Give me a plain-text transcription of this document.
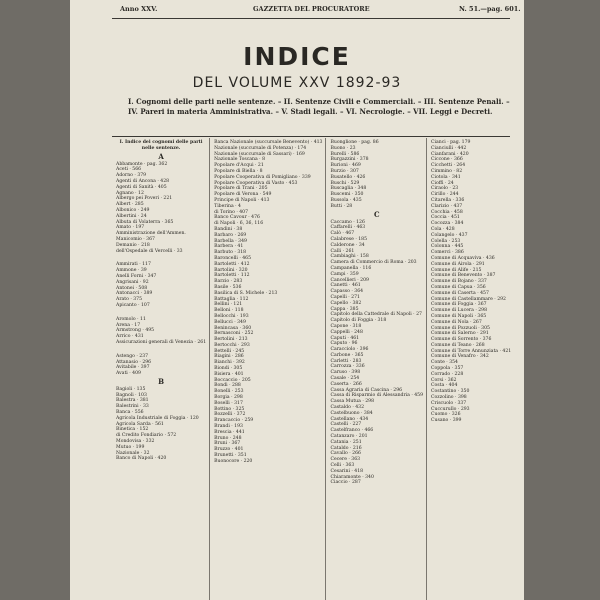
Anno XXV.	GAZZETTA DEL PROCURATORE	N. 51.—pag. 601.
INDICE
DEL VOLUME XXV 1892-93
I. Cognomi delle parti nelle sentenze. – II. Sentenze Civili e Commerciali. – III. Sentenze Penali. –
IV. Pareri in materia Amministrativa. – V. Stadi legali. – VI. Necrologie. – VII. Leggi e Decreti.
I. Indice dei cognomi delle parti nelle sentenze.
A
Abbamonte · pag. 362
Aceti · 566
Adorno · 379
Agenti di Ancona · 428
Agenti di Sanità · 405
Agnano · 12
Albergo pei Poveri · 221
Albert · 285
Albonico · 249
Albertini · 24
Albuta di Volaterra · 365
Amato · 197
Amministrazione dell'Ammen.
Manicomio · 367
Demanio · 218
dell'Ospedale di Vercelli · 33
Ammirati · 117
Ammone · 39
Anelli Forni · 347
Angrisani · 92
Antonei · 508
Antonacci · 389
Arato · 375
Apicanto · 107
Aromolo · 11
Arena · 17
Armstrong · 495
Arrico · 431
Assicurazioni generali di Venezia · 261
Astengo · 237
Attanasio · 296
Avitabile · 397
Avati · 409
B
Bagioli · 135
Bagnoli · 103
Balestra · 381
Balestrini · 33
Banca · 556
Agricola Industriale di Foggia · 120
Agricola Sarda · 561
Binetica · 152
di Credito Fondiario · 572
Mondovisa · 332
Mutuo · 199
Nazionale · 32
Banco di Napoli · 420
Banca Nazionale (succursale Benevento) · 413
Nazionale (succursale di Potenza) · 174
Nazionale (succursale di Sassari) · 169
Nazionale Toscana · 8
Popolare d'Acqui · 21
Popolare di Biella · 8
Popolare Cooperativa di Pomigliano · 339
Popolare Cooperativa di Vasto · 453
Popolare di Trani · 205
Popolare di Verona · 549
Principe di Napoli · 413
Tiberina · 4
di Torino · 407
Banco Cavour · 476
di Napoli · 6, 36, 116
Bandini · 38
Barbaro · 269
Barbella · 349
Barbera · 41
Barbuto · 318
Baroncelli · 465
Bartoletti · 412
Bartolini · 320
Bartoletti · 112
Barzio · 283
Basile · 536
Basilica di S. Michele · 213
Battaglia · 112
Bellini · 121
Belloni · 118
Bellocchi · 193
Bellucci · 349
Benincasa · 360
Bernasconi · 252
Bertolini · 213
Bertocchi · 293
Bettelli · 245
Biagini · 286
Bianchi · 392
Biondi · 305
Bisiera · 401
Boccaccio · 205
Bondi · 288
Bonelli · 253
Borgia · 298
Boselli · 317
Bottino · 325
Bozzelli · 372
Brancaccio · 259
Brandi · 193
Brescia · 441
Bruno · 248
Bruni · 367
Bruzzo · 401
Brunetti · 351
Buonocore · 220
Buonglione · pag. 86
Buono · 23
Burelli · 586
Burgazzini · 378
Burioni · 469
Burzio · 307
Busatello · 426
Buschi · 529
Buscaglia · 348
Buscemi · 350
Bussola · 435
Butti · 28
C
Caccamo · 126
Caffarelli · 463
Calò · 467
Calabrese · 185
Calderone · 34
Calli · 261
Cambiaghi · 158
Camera di Commercio di Roma · 203
Campanella · 116
Campi · 359
Cancellieri · 209
Canetti · 461
Capasso · 364
Capelli · 271
Capello · 382
Cappa · 385
Capitolo della Cattedrale di Napoli · 27
Capitolo di Foggia · 318
Capone · 318
Cappelli · 248
Caputi · 461
Caputo · 96
Caracciolo · 396
Carbone · 365
Carletti · 283
Carrozza · 336
Caruso · 398
Casale · 254
Caserta · 266
Cassa Agraria di Cascina · 296
Cassa di Risparmio di Alessandria · 459
Cassa Mutua · 298
Castaldo · 432
Castelbuono · 384
Castellano · 434
Castelli · 227
Castelfranco · 466
Catanzaro · 201
Catania · 251
Cataldo · 216
Cavallo · 266
Cecere · 363
Celli · 363
Cesarini · 418
Chiaramonte · 340
Ciaccio · 287
Cianci · pag. 179
Cianciulli · 442
Cianfarani · 420
Ciccone · 366
Cicchetti · 264
Cimmino · 82
Ciotola · 341
Cioffi · 24
Ciraolo · 23
Cirillo · 244
Citarella · 336
Clarizio · 437
Cocchia · 458
Coccia · 451
Cocozza · 384
Cola · 428
Colangelo · 437
Colella · 253
Colonna · 445
Comerci · 386
Comune di Acquaviva · 436
Comune di Airola · 291
Comune di Alife · 215
Comune di Benevento · 387
Comune di Bojano · 337
Comune di Capua · 356
Comune di Caserta · 457
Comune di Castellammare · 292
Comune di Foggia · 367
Comune di Lucera · 298
Comune di Napoli · 365
Comune di Nola · 267
Comune di Pozzuoli · 305
Comune di Salerno · 291
Comune di Sorrento · 376
Comune di Teano · 268
Comune di Torre Annunziata · 421
Comune di Venafro · 342
Conte · 354
Coppola · 357
Corrado · 228
Corsi · 362
Costa · 404
Costantino · 350
Cozzolino · 398
Criscuolo · 337
Cuccurullo · 293
Cuomo · 326
Cusano · 399
